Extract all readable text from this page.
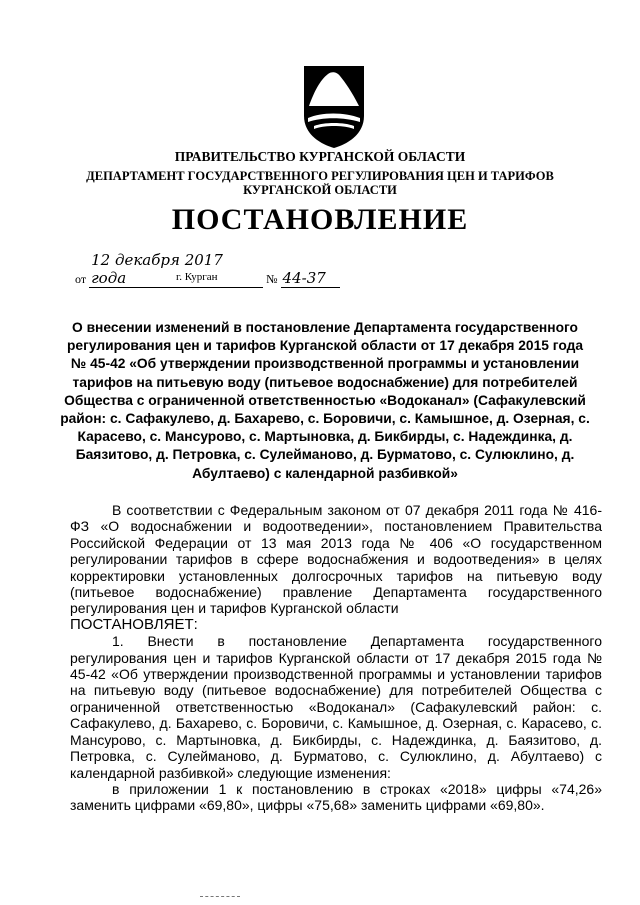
ПРАВИТЕЛЬСТВО КУРГАНСКОЙ ОБЛАСТИ
ДЕПАРТАМЕНТ ГОСУДАРСТВЕННОГО РЕГУЛИРОВАНИЯ ЦЕН И ТАРИФОВ
КУРГАНСКОЙ ОБЛАСТИ
ПОСТАНОВЛЕНИЕ
от 12 декабря 2017 года	№ 44-37
г. Курган
О внесении изменений в постановление Департамента государственного регулирования цен и тарифов Курганской области от 17 декабря 2015 года № 45-42 «Об утверждении производственной программы и установлении тарифов на питьевую воду (питьевое водоснабжение) для потребителей Общества с ограниченной ответственностью «Водоканал» (Сафакулевский район: с. Сафакулево, д. Бахарево, с. Боровичи, с. Камышное, д. Озерная, с. Карасево, с. Мансурово, с. Мартыновка, д. Бикбирды, с. Надеждинка, д. Баязитово, д. Петровка, с. Сулейманово, д. Бурматово, с. Сулюклино, д. Абултаево) с календарной разбивкой»

В соответствии с Федеральным законом от 07 декабря 2011 года № 416-ФЗ «О водоснабжении и водоотведении», постановлением Правительства Российской Федерации от 13 мая 2013 года № 406 «О государственном регулировании тарифов в сфере водоснабжения и водоотведения» в целях корректировки установленных долгосрочных тарифов на питьевую воду (питьевое водоснабжение) правление Департамента государственного регулирования цен и тарифов Курганской области

ПОСТАНОВЛЯЕТ:

1. Внести в постановление Департамента государственного регулирования цен и тарифов Курганской области от 17 декабря 2015 года № 45-42 «Об утверждении производственной программы и установлении тарифов на питьевую воду (питьевое водоснабжение) для потребителей Общества с ограниченной ответственностью «Водоканал» (Сафакулевский район: с. Сафакулево, д. Бахарево, с. Боровичи, с. Камышное, д. Озерная, с. Карасево, с. Мансурово, с. Мартыновка, д. Бикбирды, с. Надеждинка, д. Баязитово, д. Петровка, с. Сулейманово, д. Бурматово, с. Сулюклино, д. Абултаево) с календарной разбивкой» следующие изменения:

в приложении 1 к постановлению в строках «2018» цифры «74,26» заменить цифрами «69,80», цифры «75,68» заменить цифрами «69,80».
